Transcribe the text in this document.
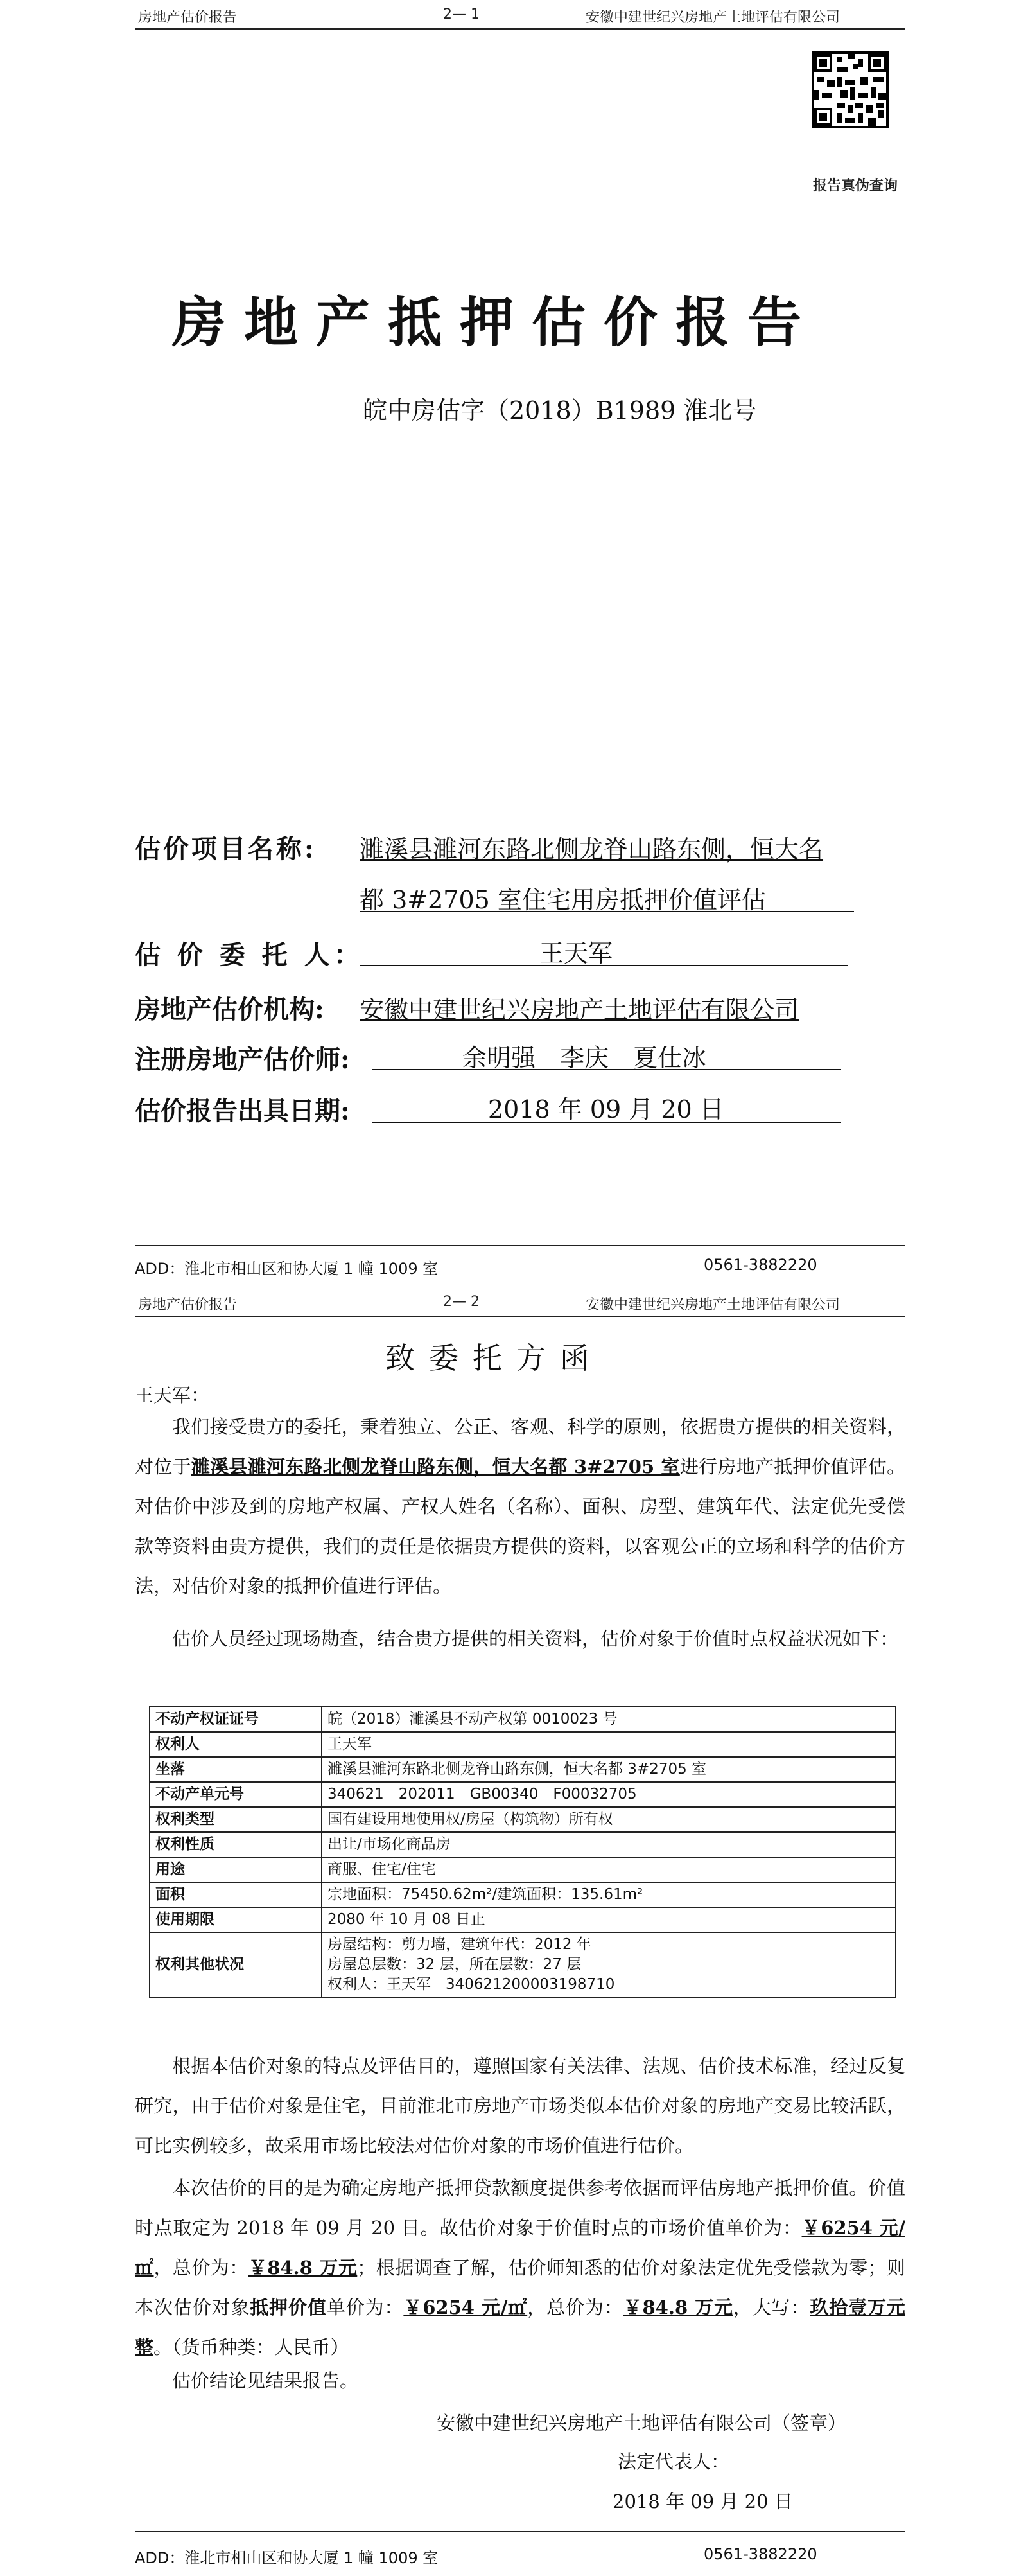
房地产估价报告	2— 1	安徽中建世纪兴房地产土地评估有限公司
报告真伪查询
房地产抵押估价报告
皖中房估字（2018）B1989 淮北号
估价项目名称: 濉溪县濉河东路北侧龙脊山路东侧，恒大名
都 3#2705 室住宅用房抵押价值评估
估 价 委 托 人：	王天军
房地产估价机构: 安徽中建世纪兴房地产土地评估有限公司
注册房地产估价师:	余明强　李庆　夏仕冰
估价报告出具日期:	2018 年 09 月 20 日
ADD：淮北市相山区和协大厦 1 幢 1009 室	0561-3882220
房地产估价报告	2— 2	安徽中建世纪兴房地产土地评估有限公司
致委托方函
王天军：
我们接受贵方的委托，秉着独立、公正、客观、科学的原则，依据贵方提供的相关资料，对位于濉溪县濉河东路北侧龙脊山路东侧，恒大名都 3#2705 室进行房地产抵押价值评估。对估价中涉及到的房地产权属、产权人姓名（名称）、面积、房型、建筑年代、法定优先受偿款等资料由贵方提供，我们的责任是依据贵方提供的资料，以客观公正的立场和科学的估价方法，对估价对象的抵押价值进行评估。
估价人员经过现场勘查，结合贵方提供的相关资料，估价对象于价值时点权益状况如下：
不动产权证证号	皖（2018）濉溪县不动产权第 0010023 号
权利人	王天军
坐落	濉溪县濉河东路北侧龙脊山路东侧，恒大名都 3#2705 室
不动产单元号	340621　202011　GB00340　F00032705
权利类型	国有建设用地使用权/房屋（构筑物）所有权
权利性质	出让/市场化商品房
用途	商服、住宅/住宅
面积	宗地面积：75450.62m²/建筑面积：135.61m²
使用期限	2080 年 10 月 08 日止
权利其他状况	房屋结构：剪力墙，建筑年代：2012 年
房屋总层数：32 层，所在层数：27 层
权利人：王天军　340621200003198710
根据本估价对象的特点及评估目的，遵照国家有关法律、法规、估价技术标准，经过反复研究，由于估价对象是住宅，目前淮北市房地产市场类似本估价对象的房地产交易比较活跃，可比实例较多，故采用市场比较法对估价对象的市场价值进行估价。
本次估价的目的是为确定房地产抵押贷款额度提供参考依据而评估房地产抵押价值。价值时点取定为 2018 年 09 月 20 日。故估价对象于价值时点的市场价值单价为：￥6254 元/㎡，总价为：￥84.8 万元；根据调查了解，估价师知悉的估价对象法定优先受偿款为零；则本次估价对象抵押价值单价为：￥6254 元/㎡，总价为：￥84.8 万元，大写：玖拾壹万元整。（货币种类：人民币）
估价结论见结果报告。
安徽中建世纪兴房地产土地评估有限公司（签章）
法定代表人：
2018 年 09 月 20 日
ADD：淮北市相山区和协大厦 1 幢 1009 室	0561-3882220
